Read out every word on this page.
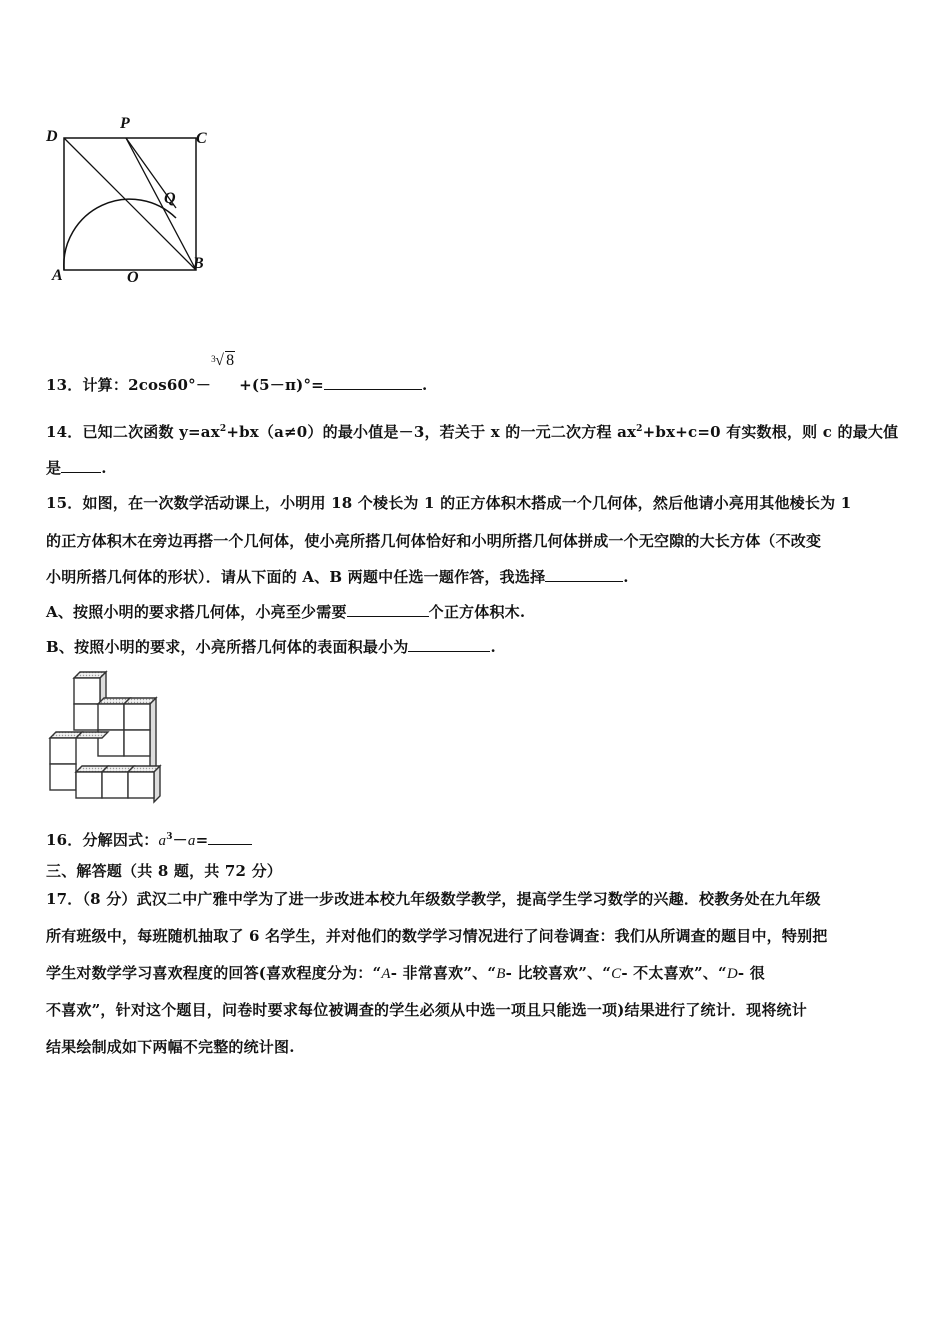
D
P
C
Q
A	O
B
13．计算：2cos60°－
3 √ 8
+(5－π)°=	.
14．已知二次函数 $y=ax^2+bx(a\ne 0)$的最小值是－3，若关于 x 的一元二次方程 $ax^2+bx+c=0$ 有实数根，则 c 的最大值
是	.
15．如图，在一次数学活动课上，小明用 18 个棱长为 1 的正方体积木搭成一个几何体，然后他请小亮用其他棱长为 1
的正方体积木在旁边再搭一个几何体，使小亮所搭几何体恰好和小明所搭几何体拼成一个无空隙的大长方体（不改变
小明所搭几何体的形状）．请从下面的 A、B 两题中任选一题作答，我选择	.
A、按照小明的要求搭几何体，小亮至少需要	个正方体积木.
B、按照小明的要求，小亮所搭几何体的表面积最小为	.
16．分解因式：$a^3-a=$
三、解答题（共 8 题，共 72 分）
17．（8 分）武汉二中广雅中学为了进一步改进本校九年级数学教学，提高学生学习数学的兴趣．校教务处在九年级
所有班级中，每班随机抽取了 6 名学生，并对他们的数学学习情况进行了问卷调查：我们从所调查的题目中，特别把
学生对数学学习喜欢程度的回答(喜欢程度分为：“A- 非常喜欢”、“B- 比较喜欢”、“C- 不太喜欢”、“D- 很
不喜欢”，针对这个题目，问卷时要求每位被调查的学生必须从中选一项且只能选一项)结果进行了统计．现将统计
结果绘制成如下两幅不完整的统计图.
